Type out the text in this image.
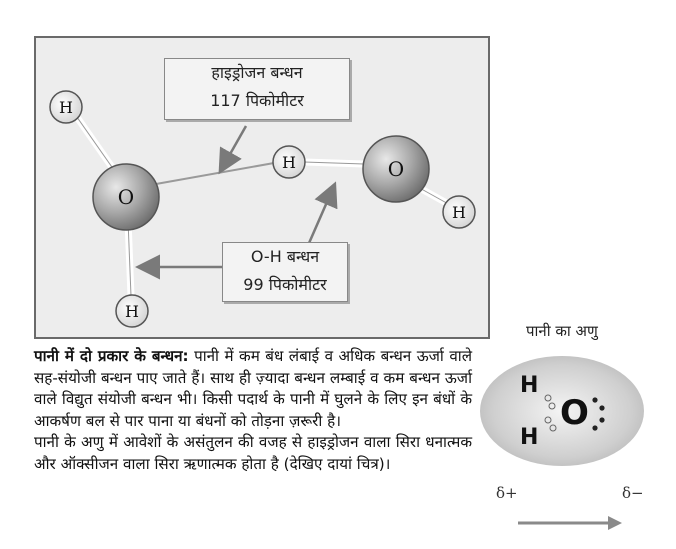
O
H
H
H	O
H
हाइड्रोजन बन्धन
117 पिकोमीटर
O-H बन्धन
99 पिकोमीटर
पानी का अणु
H
H
O
δ+	δ−

पानी में दो प्रकार के बन्धन: पानी में कम बंध लंबाई व अधिक बन्धन ऊर्जा वाले सह-संयोजी बन्धन पाए जाते हैं। साथ ही ज़्यादा बन्धन लम्बाई व कम बन्धन ऊर्जा वाले विद्युत संयोजी बन्धन भी। किसी पदार्थ के पानी में घुलने के लिए इन बंधों के आकर्षण बल से पार पाना या बंधनों को तोड़ना ज़रूरी है।

पानी के अणु में आवेशों के असंतुलन की वजह से हाइड्रोजन वाला सिरा धनात्मक और ऑक्सीजन वाला सिरा ऋणात्मक होता है (देखिए दायां चित्र)।
